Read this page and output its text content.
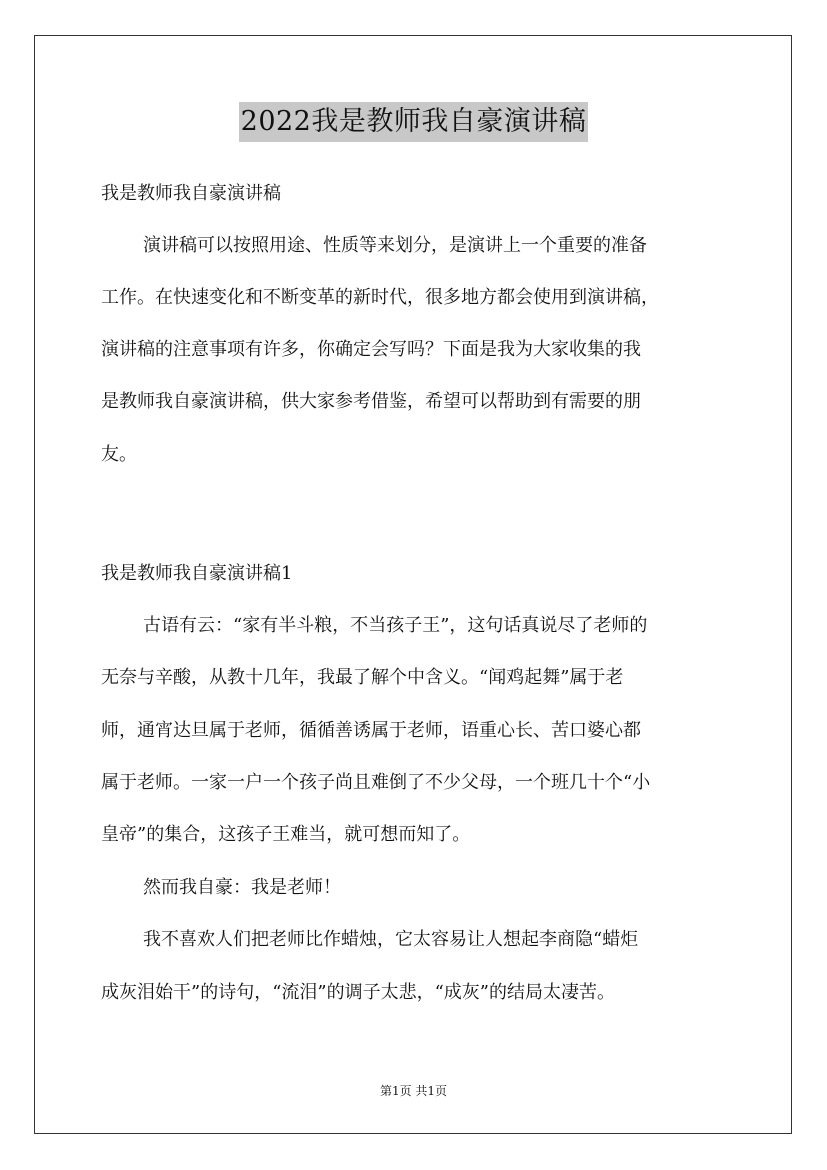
2022我是教师我自豪演讲稿
我是教师我自豪演讲稿
演讲稿可以按照用途、性质等来划分，是演讲上一个重要的准备
工作。在快速变化和不断变革的新时代，很多地方都会使用到演讲稿，
演讲稿的注意事项有许多，你确定会写吗？下面是我为大家收集的我
是教师我自豪演讲稿，供大家参考借鉴，希望可以帮助到有需要的朋
友。
我是教师我自豪演讲稿1
古语有云：“家有半斗粮，不当孩子王”，这句话真说尽了老师的
无奈与辛酸，从教十几年，我最了解个中含义。“闻鸡起舞”属于老
师，通宵达旦属于老师，循循善诱属于老师，语重心长、苦口婆心都
属于老师。一家一户一个孩子尚且难倒了不少父母，一个班几十个“小
皇帝”的集合，这孩子王难当，就可想而知了。
然而我自豪：我是老师！
我不喜欢人们把老师比作蜡烛，它太容易让人想起李商隐“蜡炬
成灰泪始干”的诗句，“流泪”的调子太悲，“成灰”的结局太凄苦。
第1页 共1页
